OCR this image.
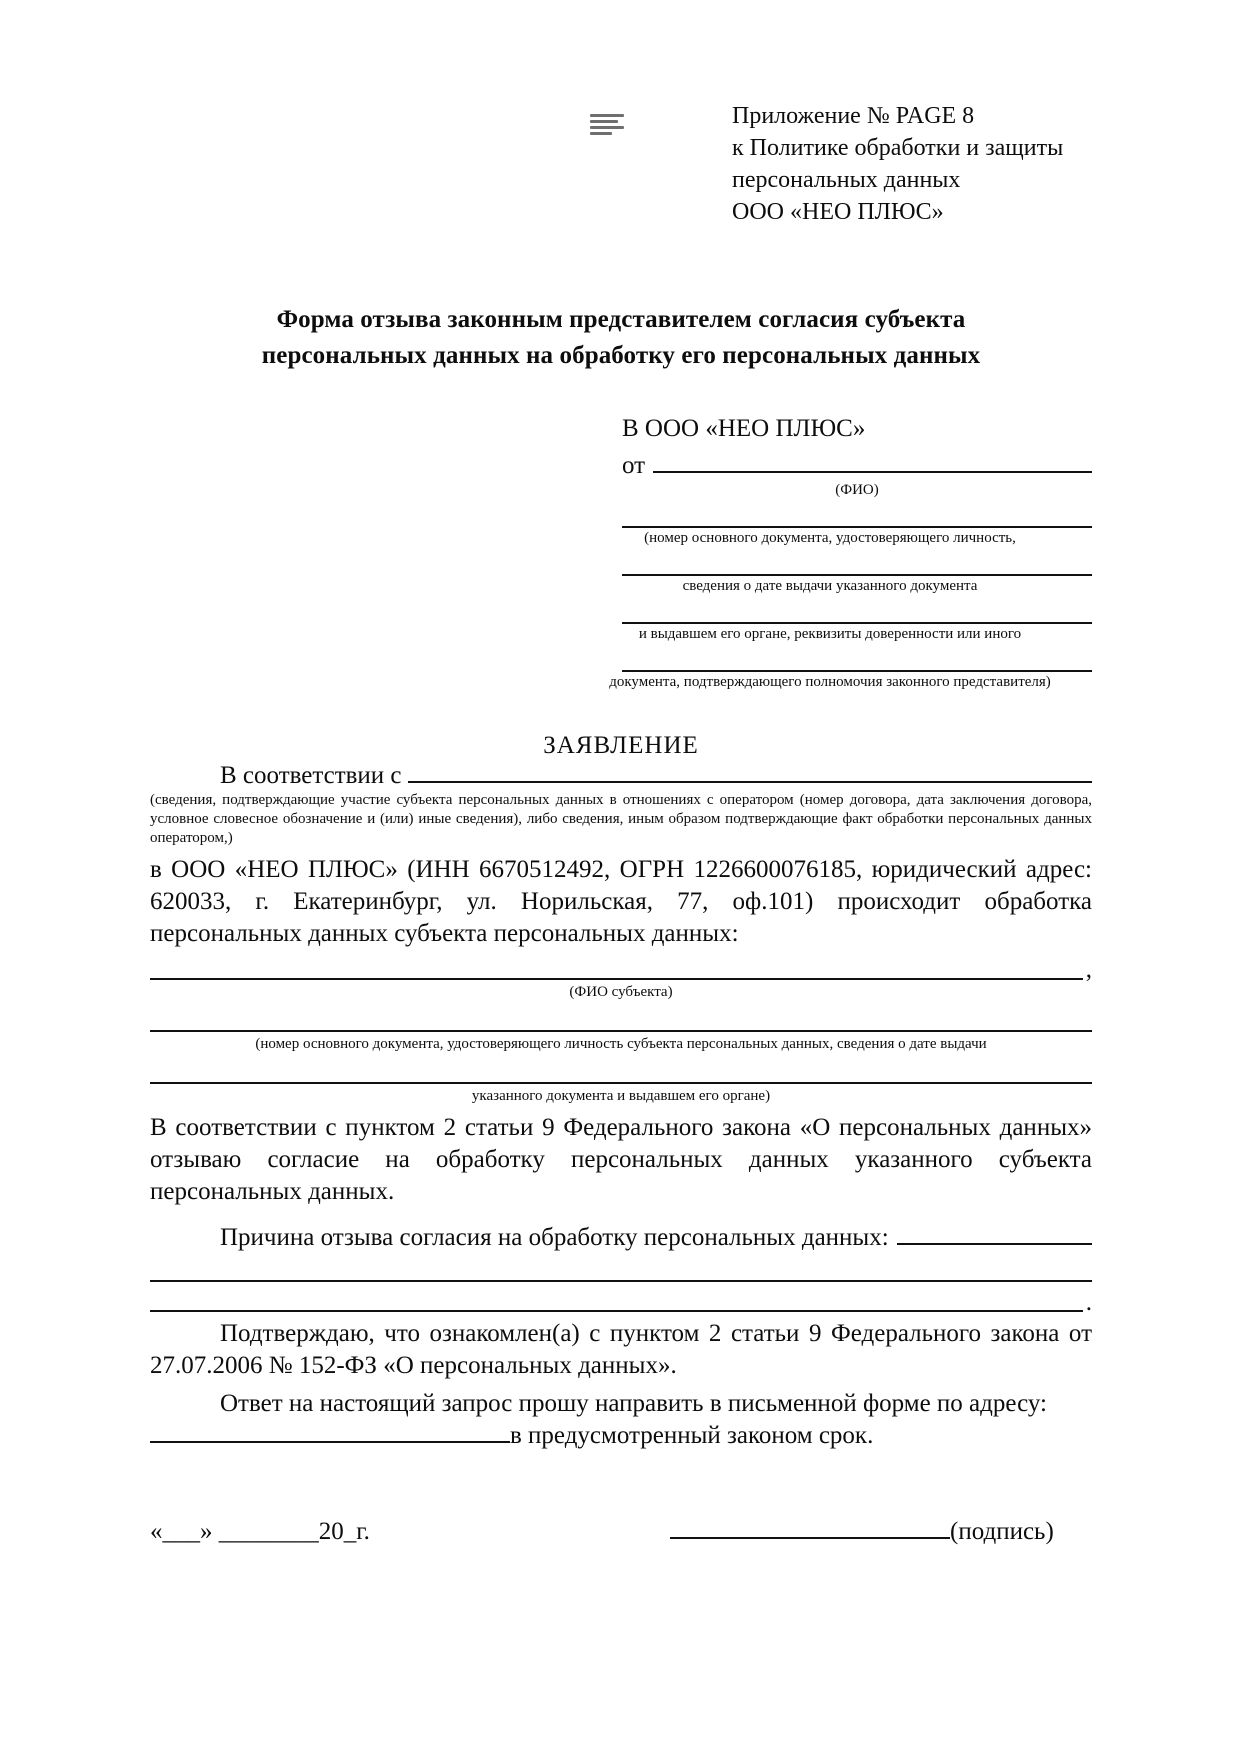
Приложение № PAGE 8
к Политике обработки и защиты
персональных данных
ООО «НЕО ПЛЮС»
Форма отзыва законным представителем согласия субъекта
персональных данных на обработку его персональных данных
В ООО «НЕО ПЛЮС»
от
(ФИО)
(номер основного документа, удостоверяющего личность,
сведения о дате выдачи указанного документа
и выдавшем его органе, реквизиты доверенности или иного
документа, подтверждающего полномочия законного представителя)
ЗАЯВЛЕНИЕ
В соответствии с
(сведения, подтверждающие участие субъекта персональных данных в отношениях с оператором (номер договора, дата заключения договора, условное словесное обозначение и (или) иные сведения), либо сведения, иным образом подтверждающие факт обработки персональных данных оператором,)
в ООО «НЕО ПЛЮС» (ИНН 6670512492, ОГРН 1226600076185, юридический адрес: 620033, г. Екатеринбург, ул. Норильская, 77, оф.101) происходит обработка персональных данных субъекта персональных данных:
,
(ФИО субъекта)
(номер основного документа, удостоверяющего личность субъекта персональных данных, сведения о дате выдачи
указанного документа и выдавшем его органе)
В соответствии с пунктом 2 статьи 9 Федерального закона «О персональных данных» отзываю согласие на обработку персональных данных указанного субъекта персональных данных.
Причина отзыва согласия на обработку персональных данных:
.
Подтверждаю, что ознакомлен(а) с пунктом 2 статьи 9 Федерального закона от 27.07.2006 № 152-ФЗ «О персональных данных».
Ответ на настоящий запрос прошу направить в письменной форме по адресу:
в предусмотренный законом срок.
«___» ________20_г.	(подпись)
